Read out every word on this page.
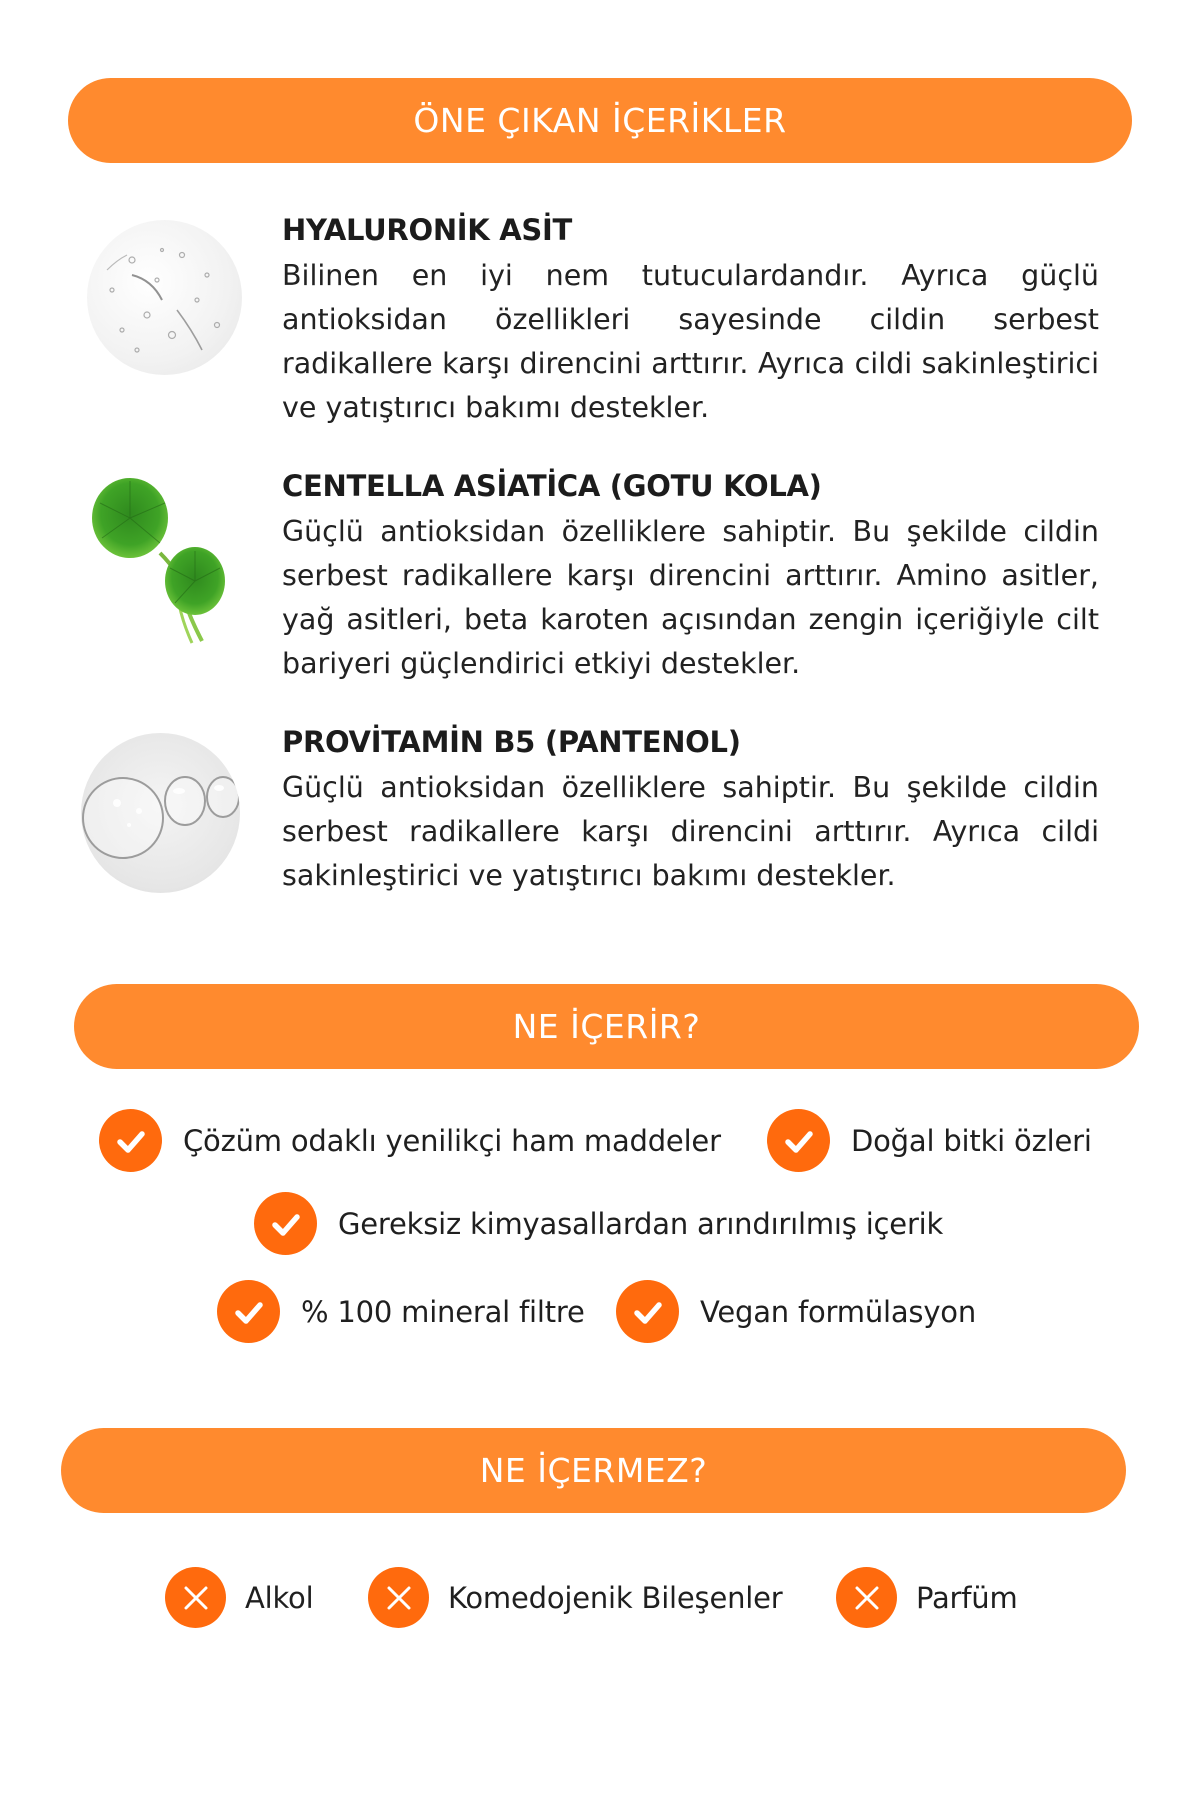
ÖNE ÇIKAN İÇERİKLER
HYALURONİK ASİT
Bilinen en iyi nem tutuculardandır. Ayrıca güçlü antioksidan özellikleri sayesinde cildin serbest radikallere karşı direncini arttırır. Ayrıca cildi sakinleştirici ve yatıştırıcı bakımı destekler.
CENTELLA ASİATİCA (GOTU KOLA)
Güçlü antioksidan özelliklere sahiptir. Bu şekilde cildin serbest radikallere karşı direncini arttırır. Amino asitler, yağ asitleri, beta karoten açısından zengin içeriğiyle cilt bariyeri güçlendirici etkiyi destekler.
PROVİTAMİN B5 (PANTENOL)
Güçlü antioksidan özelliklere sahiptir. Bu şekilde cildin serbest radikallere karşı direncini arttırır. Ayrıca cildi sakinleştirici ve yatıştırıcı bakımı destekler.
NE İÇERİR?
Çözüm odaklı yenilikçi ham maddeler	Doğal bitki özleri
Gereksiz kimyasallardan arındırılmış içerik
% 100 mineral filtre	Vegan formülasyon
NE İÇERMEZ?
Alkol	Komedojenik Bileşenler	Parfüm
